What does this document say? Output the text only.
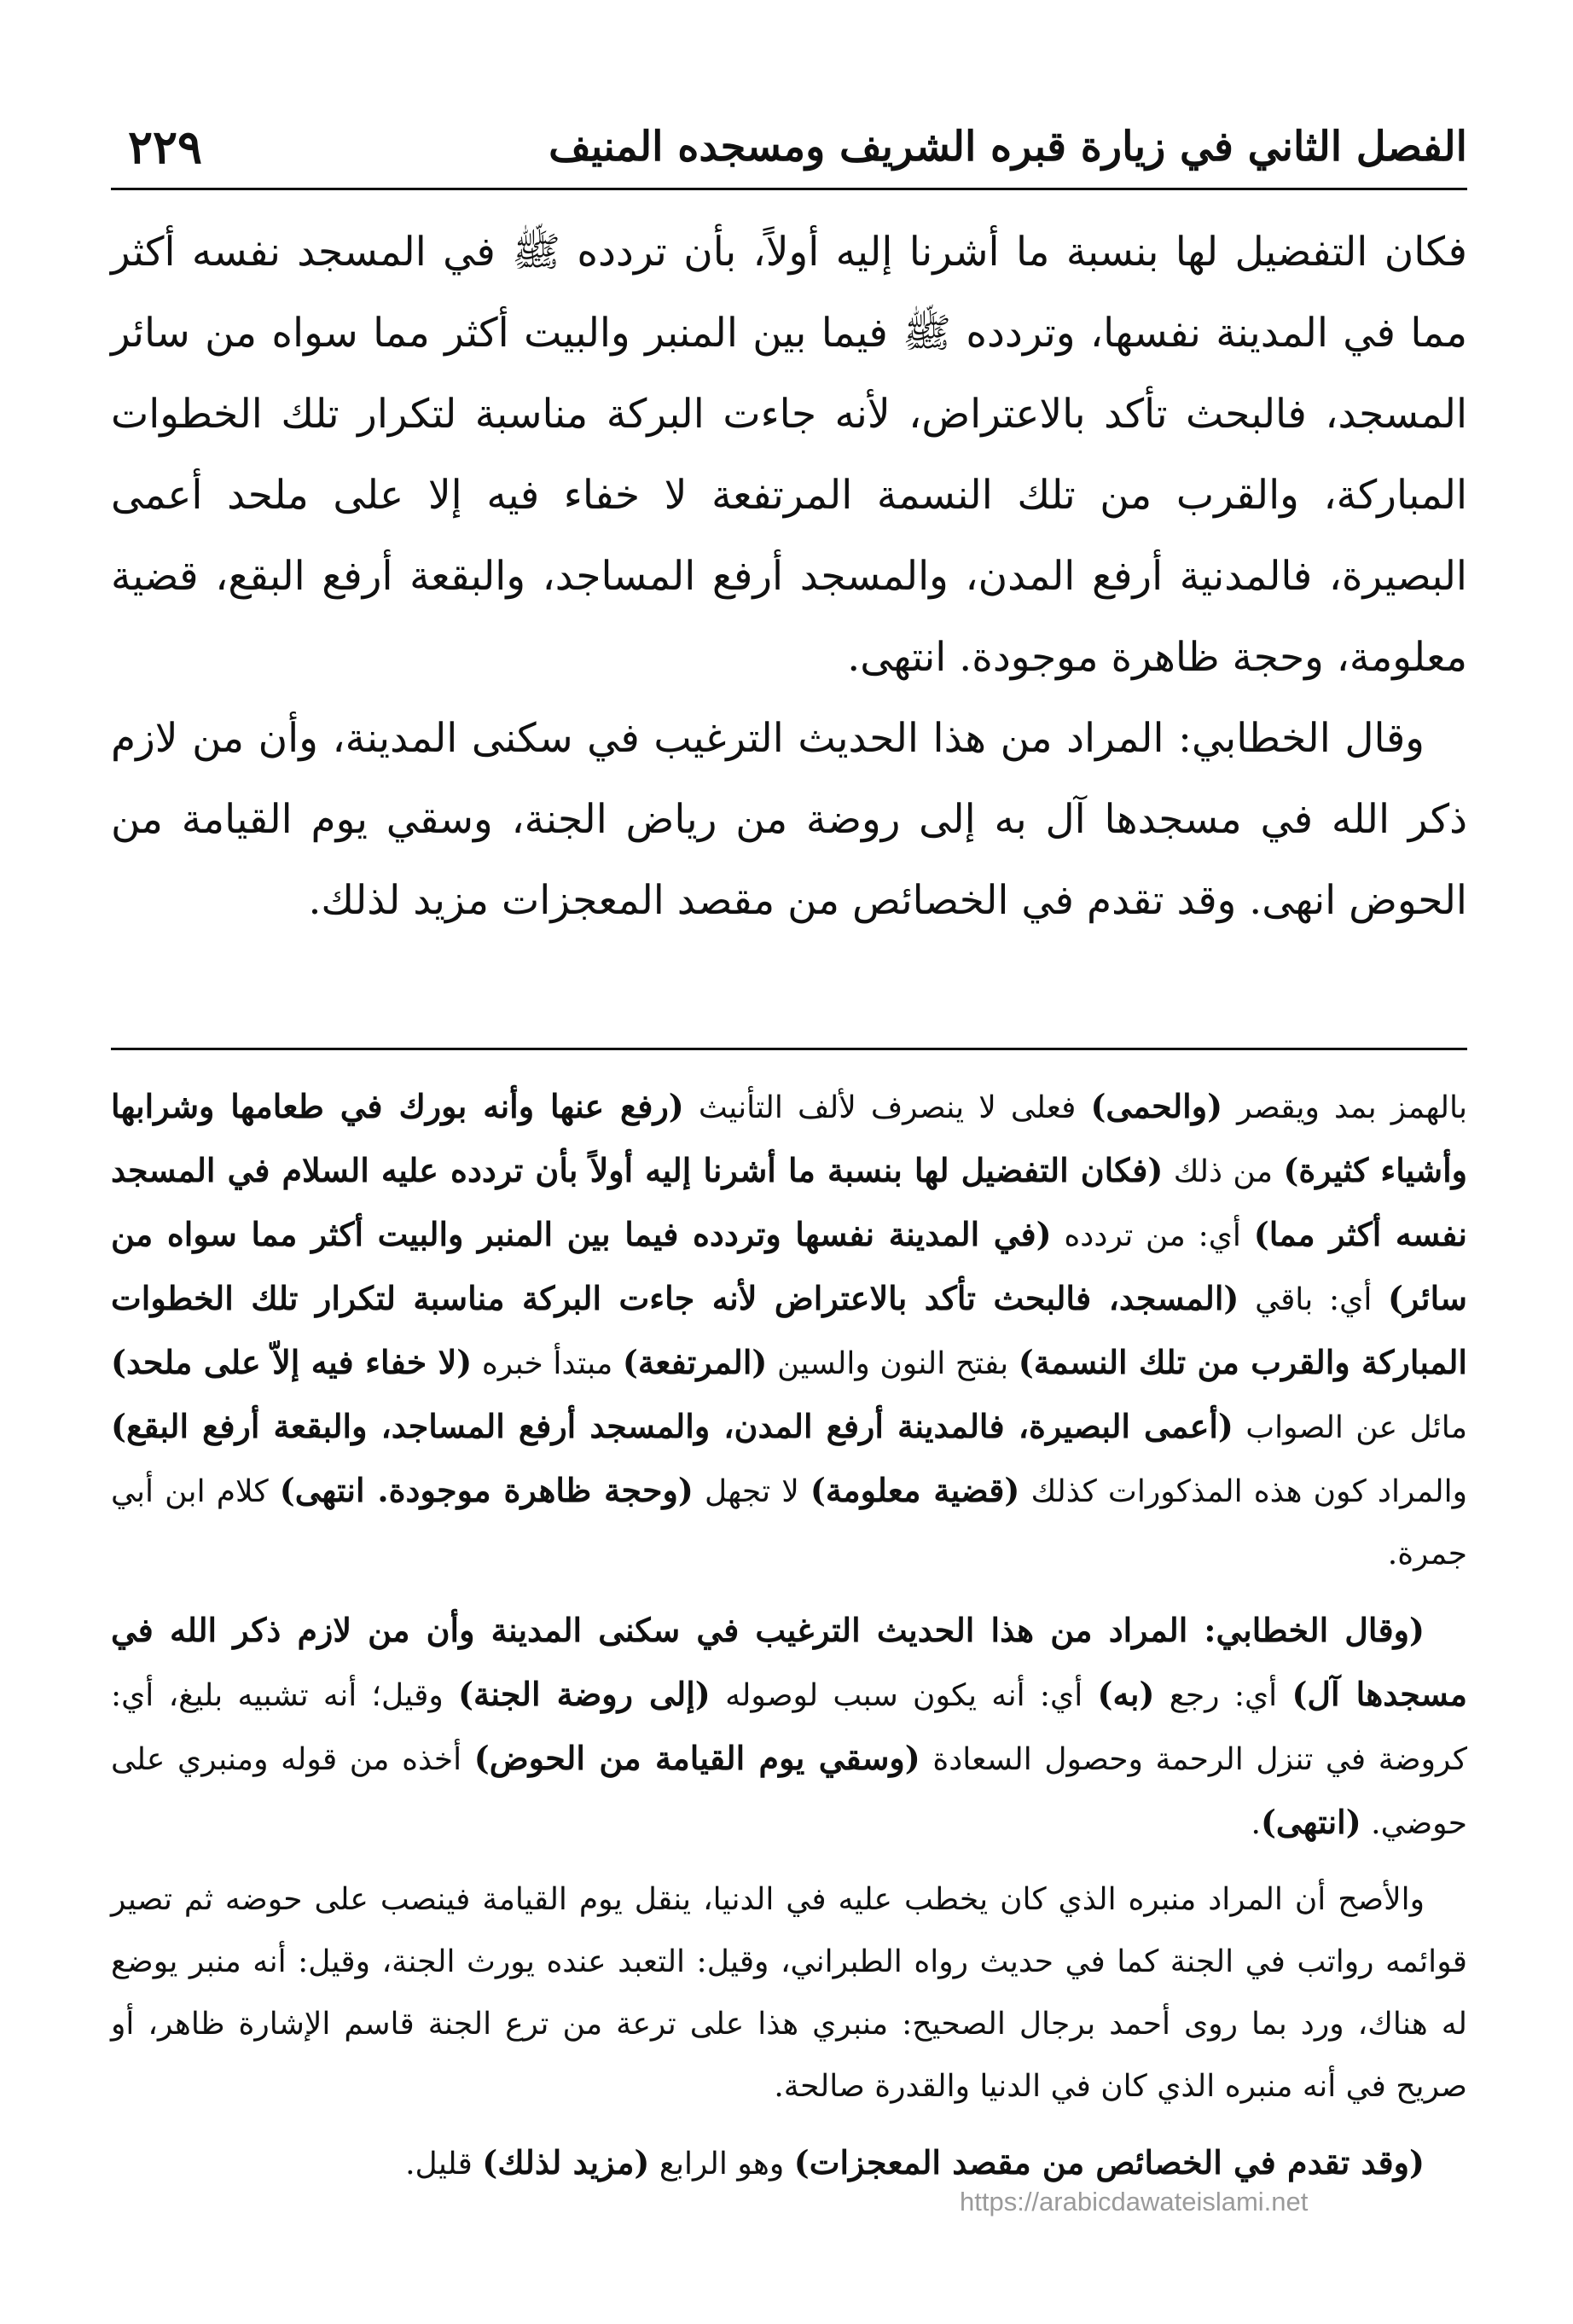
الفصل الثاني في زيارة قبره الشريف ومسجده المنيف
٢٢٩

فكان التفضيل لها بنسبة ما أشرنا إليه أولاً، بأن تردده ﷺ في المسجد نفسه أكثر مما في المدينة نفسها، وتردده ﷺ فيما بين المنبر والبيت أكثر مما سواه من سائر المسجد، فالبحث تأكد بالاعتراض، لأنه جاءت البركة مناسبة لتكرار تلك الخطوات المباركة، والقرب من تلك النسمة المرتفعة لا خفاء فيه إلا على ملحد أعمى البصيرة، فالمدنية أرفع المدن، والمسجد أرفع المساجد، والبقعة أرفع البقع، قضية معلومة، وحجة ظاهرة موجودة. انتهى.

وقال الخطابي: المراد من هذا الحديث الترغيب في سكنى المدينة، وأن من لازم ذكر الله في مسجدها آل به إلى روضة من رياض الجنة، وسقي يوم القيامة من الحوض انهى. وقد تقدم في الخصائص من مقصد المعجزات مزيد لذلك.

بالهمز بمد ويقصر (والحمى) فعلى لا ينصرف لألف التأنيث (رفع عنها وأنه بورك في طعامها وشرابها وأشياء كثيرة) من ذلك (فكان التفضيل لها بنسبة ما أشرنا إليه أولاً بأن تردده عليه السلام في المسجد نفسه أكثر مما) أي: من تردده (في المدينة نفسها وتردده فيما بين المنبر والبيت أكثر مما سواه من سائر) أي: باقي (المسجد، فالبحث تأكد بالاعتراض لأنه جاءت البركة مناسبة لتكرار تلك الخطوات المباركة والقرب من تلك النسمة) بفتح النون والسين (المرتفعة) مبتدأ خبره (لا خفاء فيه إلاّ على ملحد) مائل عن الصواب (أعمى البصيرة، فالمدينة أرفع المدن، والمسجد أرفع المساجد، والبقعة أرفع البقع) والمراد كون هذه المذكورات كذلك (قضية معلومة) لا تجهل (وحجة ظاهرة موجودة. انتهى) كلام ابن أبي جمرة.

(وقال الخطابي: المراد من هذا الحديث الترغيب في سكنى المدينة وأن من لازم ذكر الله في مسجدها آل) أي: رجع (به) أي: أنه يكون سبب لوصوله (إلى روضة الجنة) وقيل؛ أنه تشبيه بليغ، أي: كروضة في تنزل الرحمة وحصول السعادة (وسقي يوم القيامة من الحوض) أخذه من قوله ومنبري على حوضي. (انتهى).

والأصح أن المراد منبره الذي كان يخطب عليه في الدنيا، ينقل يوم القيامة فينصب على حوضه ثم تصير قوائمه رواتب في الجنة كما في حديث رواه الطبراني، وقيل: التعبد عنده يورث الجنة، وقيل: أنه منبر يوضع له هناك، ورد بما روى أحمد برجال الصحيح: منبري هذا على ترعة من ترع الجنة قاسم الإشارة ظاهر، أو صريح في أنه منبره الذي كان في الدنيا والقدرة صالحة.

(وقد تقدم في الخصائص من مقصد المعجزات) وهو الرابع (مزيد لذلك) قليل.

https://arabicdawateislami.net
